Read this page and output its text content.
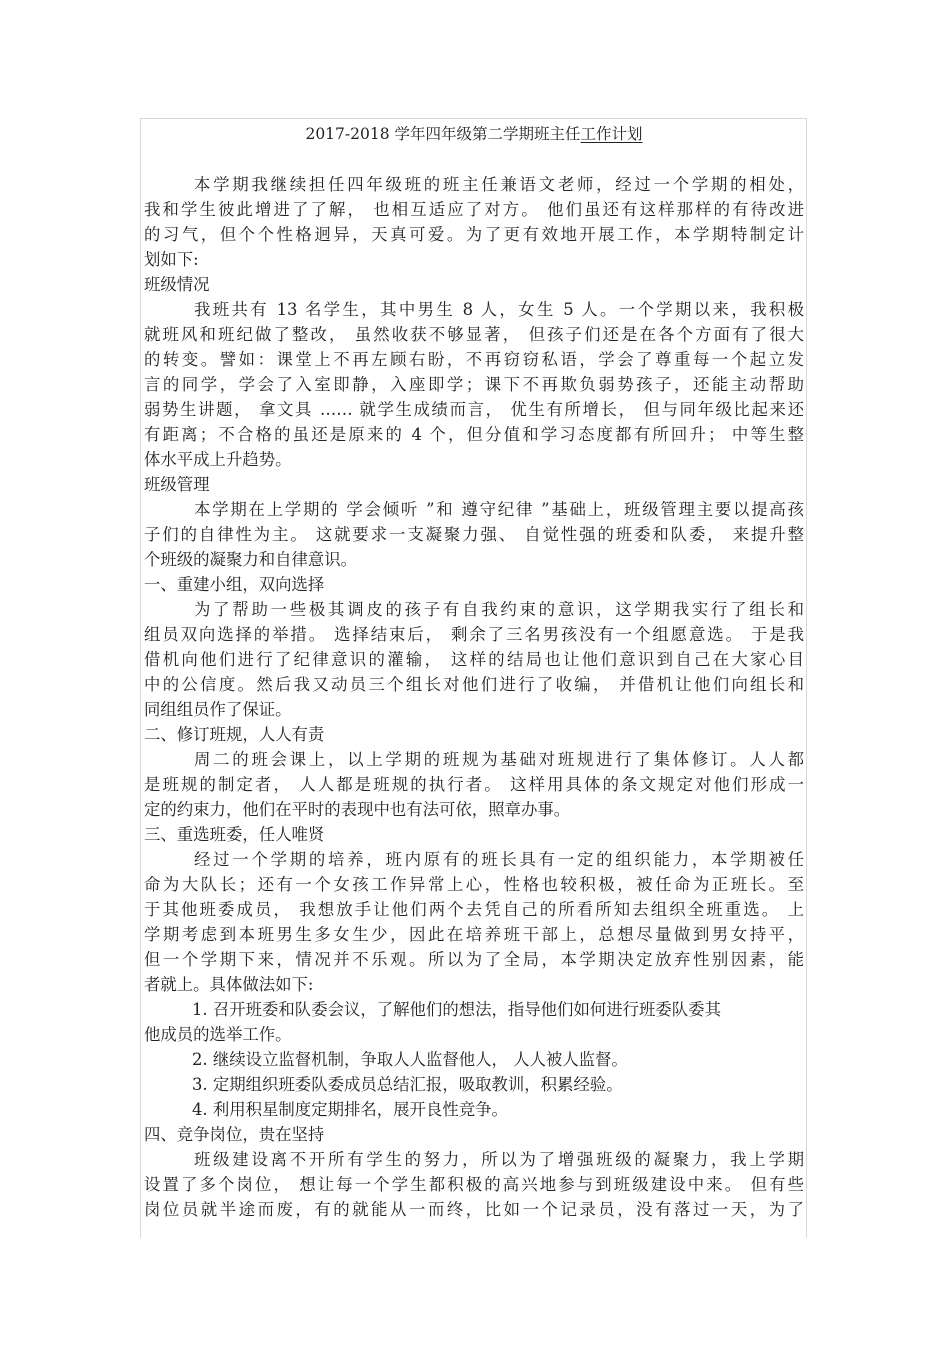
2017-2018 学年四年级第二学期班主任工作计划
本学期我继续担任四年级班的班主任兼语文老师，经过一个学期的相处，
我和学生彼此增进了了解， 也相互适应了对方。 他们虽还有这样那样的有待改进
的习气，但个个性格迥异，天真可爱。为了更有效地开展工作，本学期特制定计
划如下:
班级情况
我班共有 13 名学生，其中男生 8 人，女生 5 人。一个学期以来，我积极
就班风和班纪做了整改， 虽然收获不够显著， 但孩子们还是在各个方面有了很大
的转变。譬如：课堂上不再左顾右盼，不再窃窃私语，学会了尊重每一个起立发
言的同学，学会了入室即静，入座即学；课下不再欺负弱势孩子，还能主动帮助
弱势生讲题， 拿文具 …… 就学生成绩而言， 优生有所增长， 但与同年级比起来还
有距离；不合格的虽还是原来的 4 个，但分值和学习态度都有所回升； 中等生整
体水平成上升趋势。
班级管理
本学期在上学期的 学会倾听 ”和 遵守纪律 ”基础上，班级管理主要以提高孩
子们的自律性为主。 这就要求一支凝聚力强、 自觉性强的班委和队委， 来提升整
个班级的凝聚力和自律意识。
一、重建小组，双向选择
为了帮助一些极其调皮的孩子有自我约束的意识，这学期我实行了组长和
组员双向选择的举措。 选择结束后， 剩余了三名男孩没有一个组愿意选。 于是我
借机向他们进行了纪律意识的灌输， 这样的结局也让他们意识到自己在大家心目
中的公信度。然后我又动员三个组长对他们进行了收编， 并借机让他们向组长和
同组组员作了保证。
二、修订班规，人人有责
周二的班会课上，以上学期的班规为基础对班规进行了集体修订。人人都
是班规的制定者， 人人都是班规的执行者。 这样用具体的条文规定对他们形成一
定的约束力，他们在平时的表现中也有法可依，照章办事。
三、重选班委，任人唯贤
经过一个学期的培养，班内原有的班长具有一定的组织能力，本学期被任
命为大队长；还有一个女孩工作异常上心，性格也较积极，被任命为正班长。至
于其他班委成员， 我想放手让他们两个去凭自己的所看所知去组织全班重选。 上
学期考虑到本班男生多女生少，因此在培养班干部上，总想尽量做到男女持平，
但一个学期下来，情况并不乐观。所以为了全局，本学期决定放弃性别因素，能
者就上。具体做法如下:
1. 召开班委和队委会议，了解他们的想法，指导他们如何进行班委队委其
他成员的选举工作。
2. 继续设立监督机制，争取人人监督他人， 人人被人监督。
3. 定期组织班委队委成员总结汇报，吸取教训，积累经验。
4. 利用积星制度定期排名，展开良性竞争。
四、竞争岗位，贵在坚持
班级建设离不开所有学生的努力，所以为了增强班级的凝聚力，我上学期
设置了多个岗位， 想让每一个学生都积极的高兴地参与到班级建设中来。 但有些
岗位员就半途而废，有的就能从一而终，比如一个记录员，没有落过一天，为了
